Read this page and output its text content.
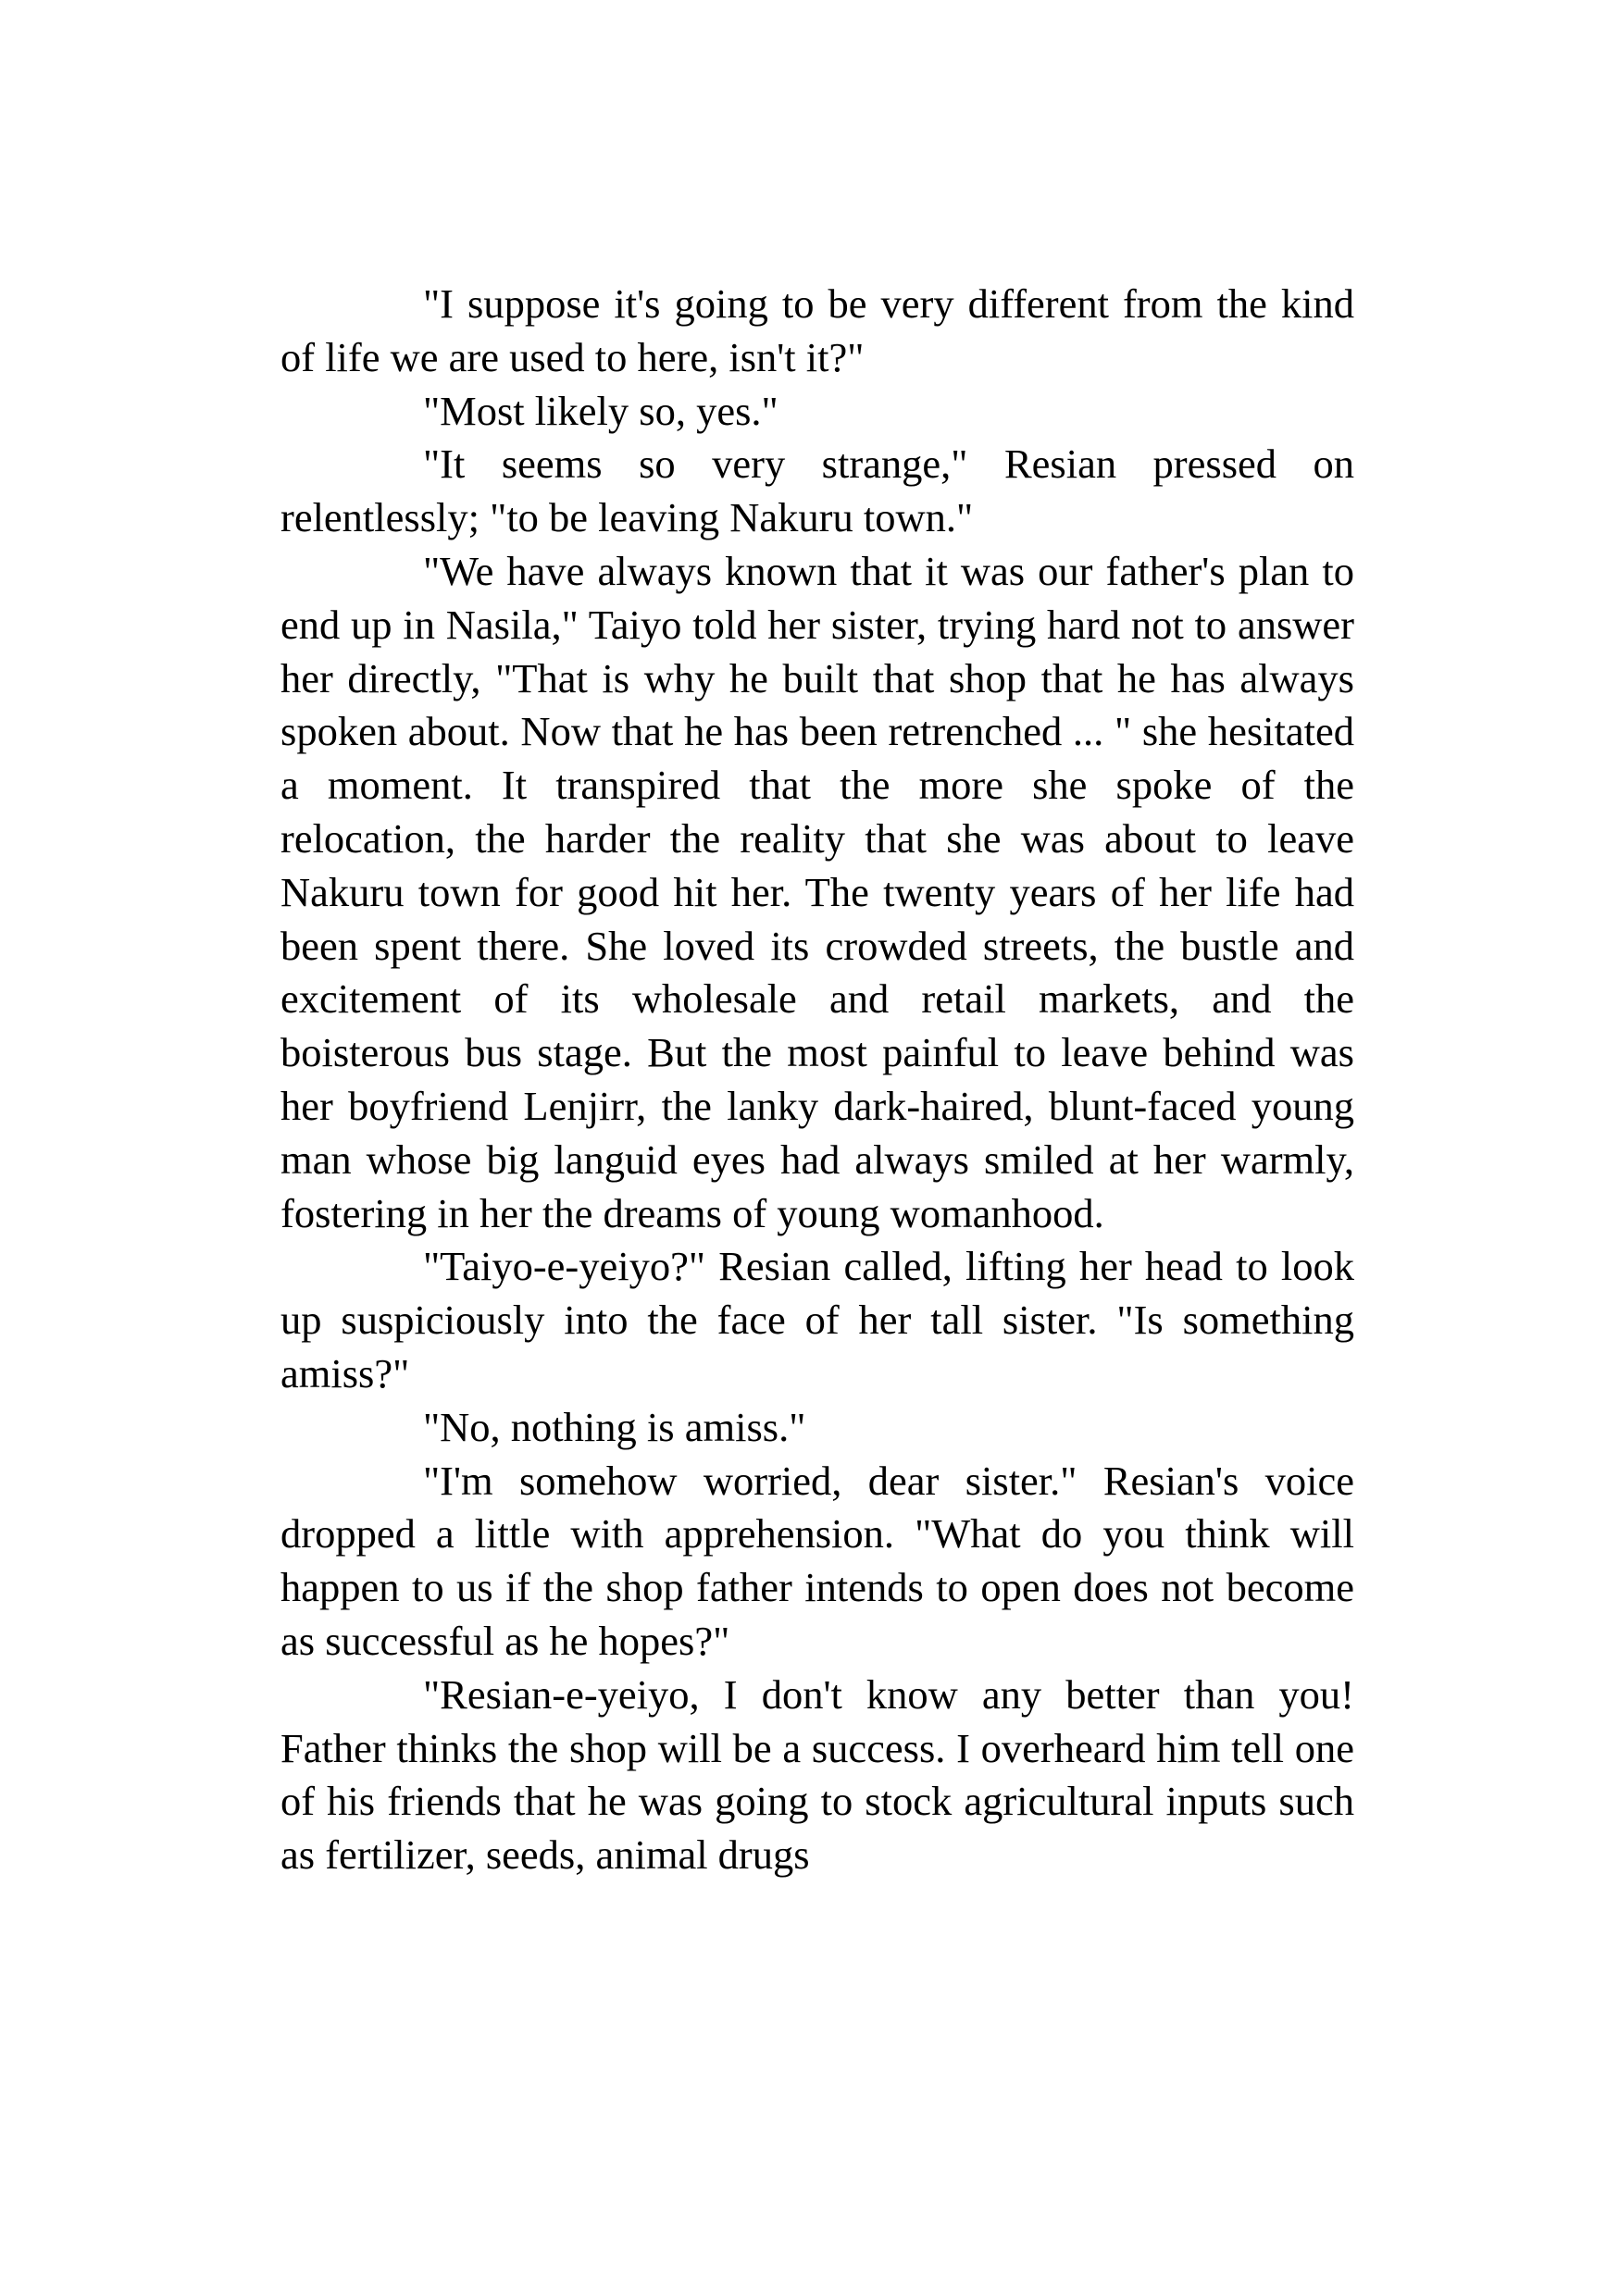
"I suppose it's going to be very different from the kind of life we are used to here, isn't it?"

"Most likely so, yes."

"It seems so very strange," Resian pressed on relentlessly; "to be leaving Nakuru town."

"We have always known that it was our father's plan to end up in Nasila," Taiyo told her sister, trying hard not to answer her directly, "That is why he built that shop that he has always spoken about. Now that he has been retrenched ... " she hesitated a moment. It transpired that the more she spoke of the relocation, the harder the reality that she was about to leave Nakuru town for good hit her. The twenty years of her life had been spent there. She loved its crowded streets, the bustle and excitement of its wholesale and retail markets, and the boisterous bus stage. But the most painful to leave behind was her boyfriend Lenjirr, the lanky dark-haired, blunt-faced young man whose big languid eyes had always smiled at her warmly, fostering in her the dreams of young womanhood.

"Taiyo-e-yeiyo?" Resian called, lifting her head to look up suspiciously into the face of her tall sister. "Is something amiss?"

"No, nothing is amiss."

"I'm somehow worried, dear sister." Resian's voice dropped a little with apprehension. "What do you think will happen to us if the shop father intends to open does not become as successful as he hopes?"

"Resian-e-yeiyo, I don't know any better than you! Father thinks the shop will be a success. I overheard him tell one of his friends that he was going to stock agricultural inputs such as fertilizer, seeds, animal drugs
